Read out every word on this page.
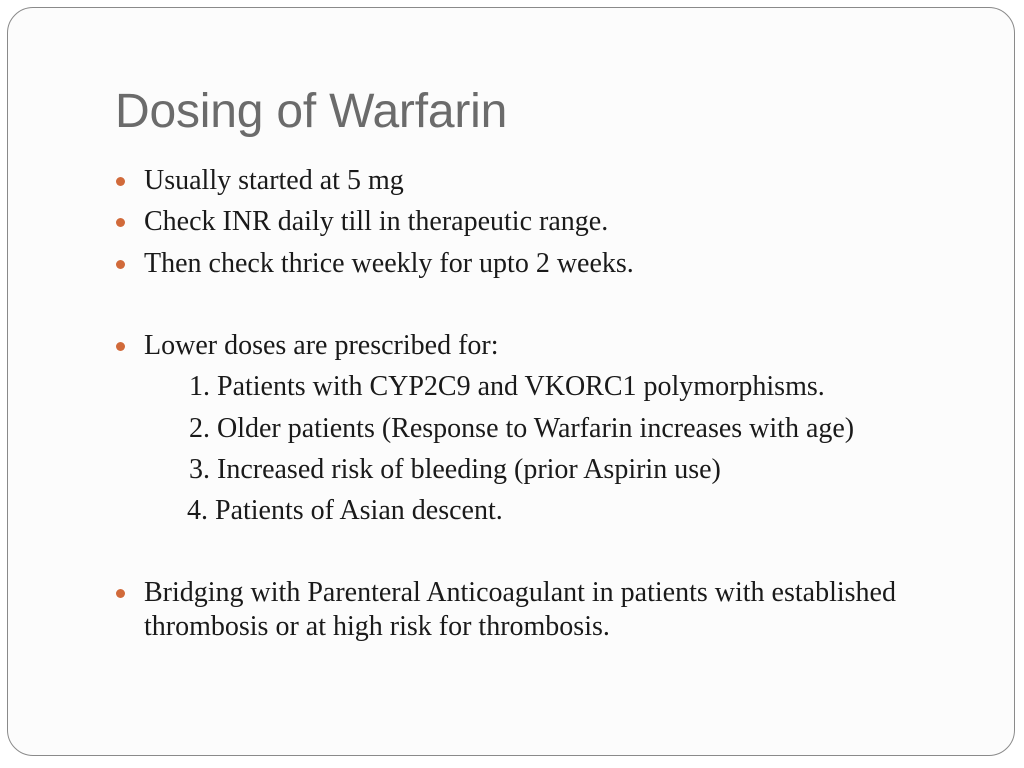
Dosing of Warfarin
Usually started at 5 mg
Check INR daily till in therapeutic range.
Then check thrice weekly for upto 2 weeks.
Lower doses are prescribed for:
1. Patients with CYP2C9 and VKORC1 polymorphisms.
2. Older patients (Response to Warfarin increases with age)
3. Increased risk of bleeding (prior Aspirin use)
4. Patients of Asian descent.
Bridging with Parenteral Anticoagulant in patients with established
thrombosis or at high risk for thrombosis.
